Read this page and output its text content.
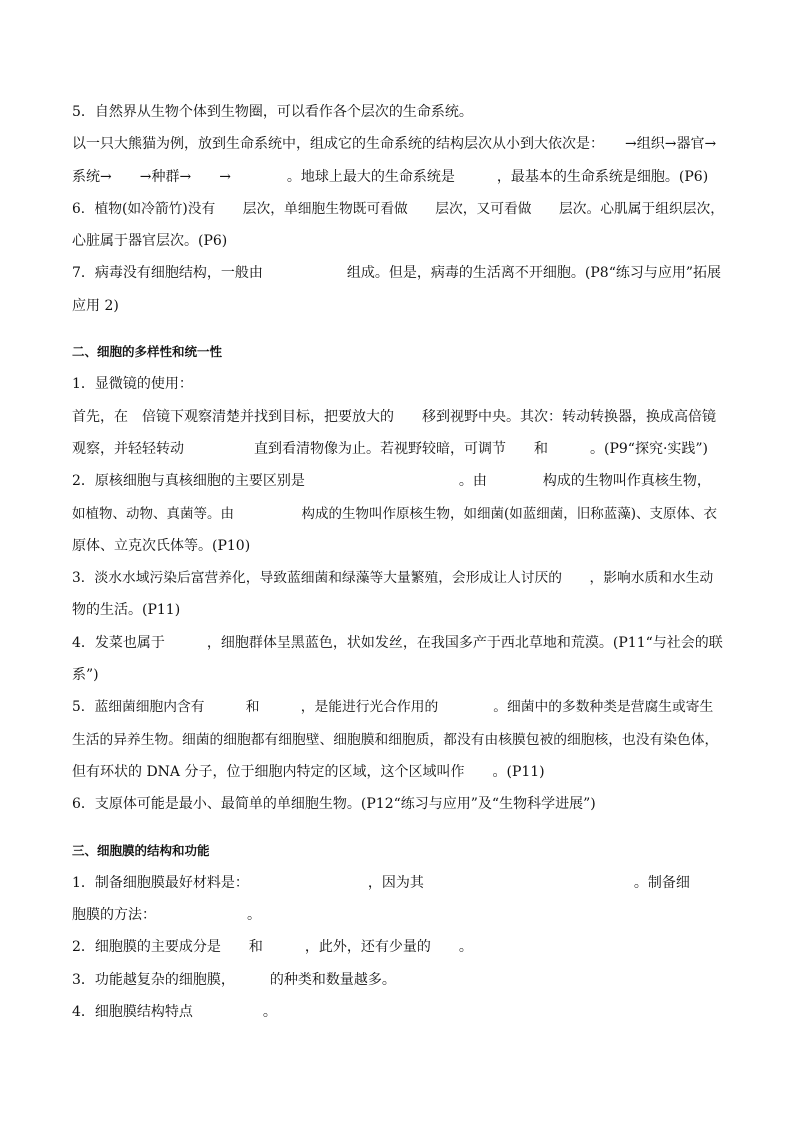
5．自然界从生物个体到生物圈，可以看作各个层次的生命系统。
以一只大熊猫为例，放到生命系统中，组成它的生命系统的结构层次从小到大依次是：　　→组织→器官→
系统→　　→种群→　　→　　　　。地球上最大的生命系统是　　　，最基本的生命系统是细胞。(P6)
6．植物(如冷箭竹)没有　　层次，单细胞生物既可看做　　层次，又可看做　　层次。心肌属于组织层次，
心脏属于器官层次。(P6)
7．病毒没有细胞结构，一般由　　　　　　组成。但是，病毒的生活离不开细胞。(P8“练习与应用”拓展
应用 2)
二、细胞的多样性和统一性
1．显微镜的使用：
首先，在　倍镜下观察清楚并找到目标，把要放大的　　移到视野中央。其次：转动转换器，换成高倍镜
观察，并轻轻转动　　　　　直到看清物像为止。若视野较暗，可调节　　和　　　。(P9“探究·实践”)
2．原核细胞与真核细胞的主要区别是　　　　　　　　　　　。由　　　　构成的生物叫作真核生物，
如植物、动物、真菌等。由　　　　　构成的生物叫作原核生物，如细菌(如蓝细菌，旧称蓝藻)、支原体、衣
原体、立克次氏体等。(P10)
3．淡水水域污染后富营养化，导致蓝细菌和绿藻等大量繁殖，会形成让人讨厌的　　，影响水质和水生动
物的生活。(P11)
4．发菜也属于　　　，细胞群体呈黑蓝色，状如发丝，在我国多产于西北草地和荒漠。(P11“与社会的联
系”)
5．蓝细菌细胞内含有　　　和　　　，是能进行光合作用的　　　　。细菌中的多数种类是营腐生或寄生
生活的异养生物。细菌的细胞都有细胞壁、细胞膜和细胞质，都没有由核膜包被的细胞核，也没有染色体，
但有环状的 DNA 分子，位于细胞内特定的区域，这个区域叫作　　。(P11)
6．支原体可能是最小、最简单的单细胞生物。(P12“练习与应用”及“生物科学进展”)
三、细胞膜的结构和功能
1．制备细胞膜最好材料是：　　　　　　　　　，因为其　　　　　　　　　　　　　　　。制备细
胞膜的方法：　　　　　　　。
2．细胞膜的主要成分是　　和　　　，此外，还有少量的　　。
3．功能越复杂的细胞膜，　　　的种类和数量越多。
4．细胞膜结构特点　　　　　。
